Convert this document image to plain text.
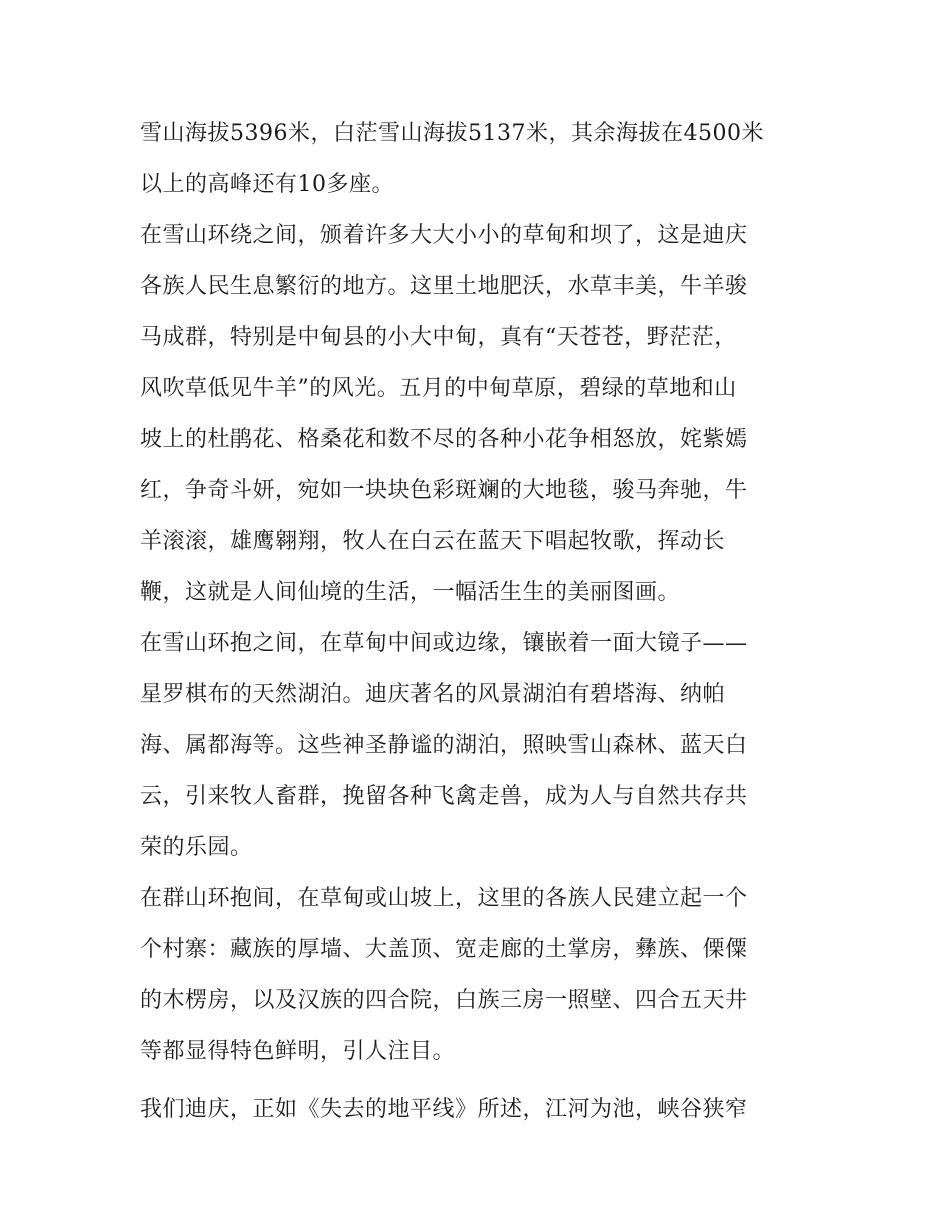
雪山海拔5396米，白茫雪山海拔5137米，其余海拔在4500米
以上的高峰还有10多座。
在雪山环绕之间，颁着许多大大小小的草甸和坝了，这是迪庆
各族人民生息繁衍的地方。这里土地肥沃，水草丰美，牛羊骏
马成群，特别是中甸县的小大中甸，真有“天苍苍，野茫茫，
风吹草低见牛羊”的风光。五月的中甸草原，碧绿的草地和山
坡上的杜鹃花、格桑花和数不尽的各种小花争相怒放，姹紫嫣
红，争奇斗妍，宛如一块块色彩斑斓的大地毯，骏马奔驰，牛
羊滚滚，雄鹰翱翔，牧人在白云在蓝天下唱起牧歌，挥动长
鞭，这就是人间仙境的生活，一幅活生生的美丽图画。
在雪山环抱之间，在草甸中间或边缘，镶嵌着一面大镜子——
星罗棋布的天然湖泊。迪庆著名的风景湖泊有碧塔海、纳帕
海、属都海等。这些神圣静谧的湖泊，照映雪山森林、蓝天白
云，引来牧人畜群，挽留各种飞禽走兽，成为人与自然共存共
荣的乐园。
在群山环抱间，在草甸或山坡上，这里的各族人民建立起一个
个村寨：藏族的厚墙、大盖顶、宽走廊的土掌房，彝族、傈僳
的木楞房，以及汉族的四合院，白族三房一照壁、四合五天井
等都显得特色鲜明，引人注目。
我们迪庆，正如《失去的地平线》所述，江河为池，峡谷狭窄
